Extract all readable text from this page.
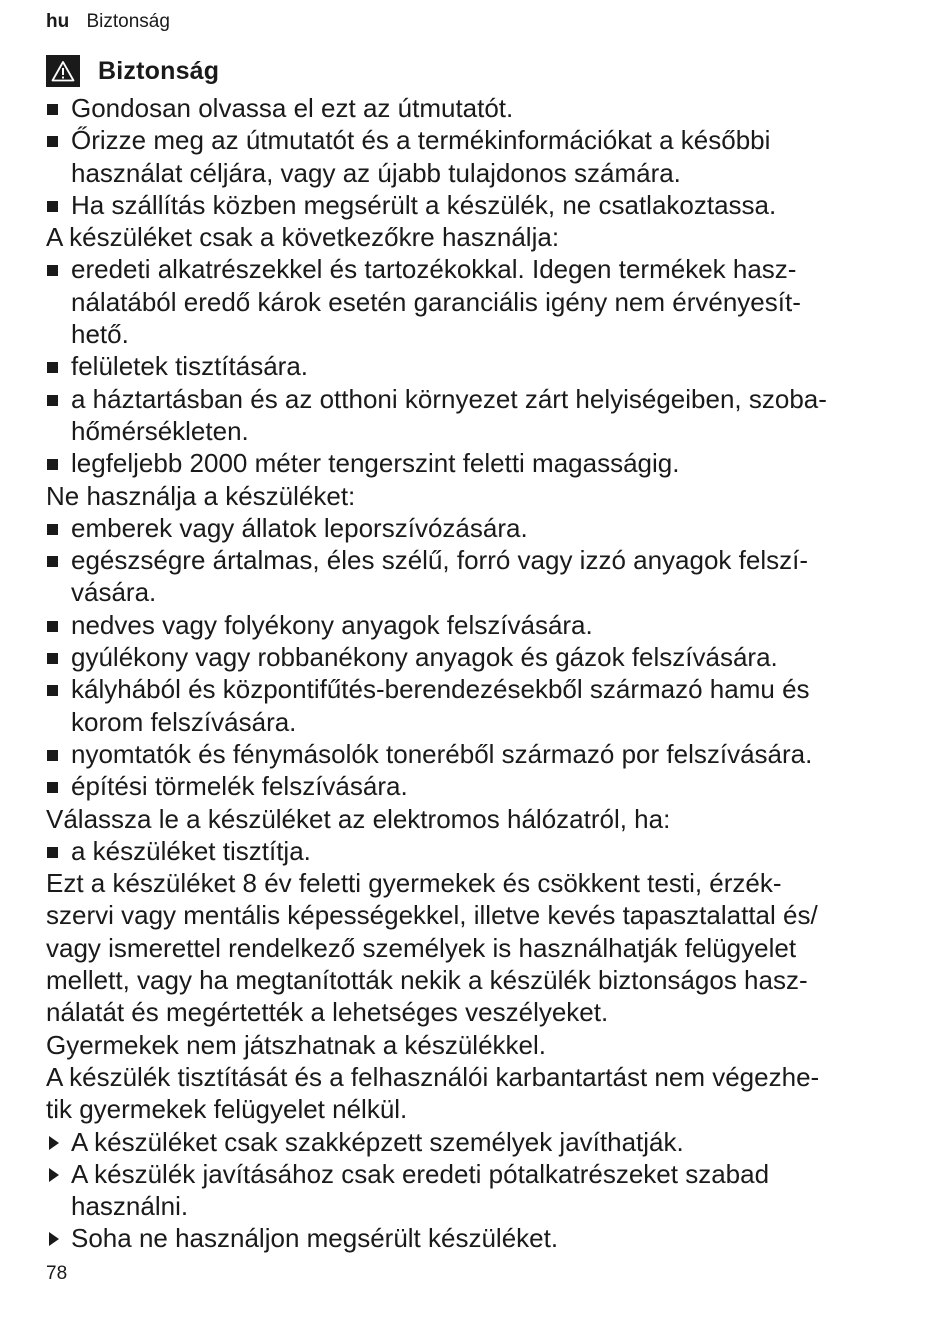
hu Biztonság
Biztonság
Gondosan olvassa el ezt az útmutatót.
Őrizze meg az útmutatót és a termékinformációkat a későbbi
használat céljára, vagy az újabb tulajdonos számára.
Ha szállítás közben megsérült a készülék, ne csatlakoztassa.
A készüléket csak a következőkre használja:
eredeti alkatrészekkel és tartozékokkal. Idegen termékek hasz-
nálatából eredő károk esetén garanciális igény nem érvényesít-
hető.
felületek tisztítására.
a háztartásban és az otthoni környezet zárt helyiségeiben, szoba-
hőmérsékleten.
legfeljebb 2000 méter tengerszint feletti magasságig.
Ne használja a készüléket:
emberek vagy állatok leporszívózására.
egészségre ártalmas, éles szélű, forró vagy izzó anyagok felszí-
vására.
nedves vagy folyékony anyagok felszívására.
gyúlékony vagy robbanékony anyagok és gázok felszívására.
kályhából és központifűtés-berendezésekből származó hamu és
korom felszívására.
nyomtatók és fénymásolók toneréből származó por felszívására.
építési törmelék felszívására.
Válassza le a készüléket az elektromos hálózatról, ha:
a készüléket tisztítja.
Ezt a készüléket 8 év feletti gyermekek és csökkent testi, érzék-
szervi vagy mentális képességekkel, illetve kevés tapasztalattal és/
vagy ismerettel rendelkező személyek is használhatják felügyelet
mellett, vagy ha megtanították nekik a készülék biztonságos hasz-
nálatát és megértették a lehetséges veszélyeket.
Gyermekek nem játszhatnak a készülékkel.
A készülék tisztítását és a felhasználói karbantartást nem végezhe-
tik gyermekek felügyelet nélkül.
A készüléket csak szakképzett személyek javíthatják.
A készülék javításához csak eredeti pótalkatrészeket szabad
használni.
Soha ne használjon megsérült készüléket.
78
